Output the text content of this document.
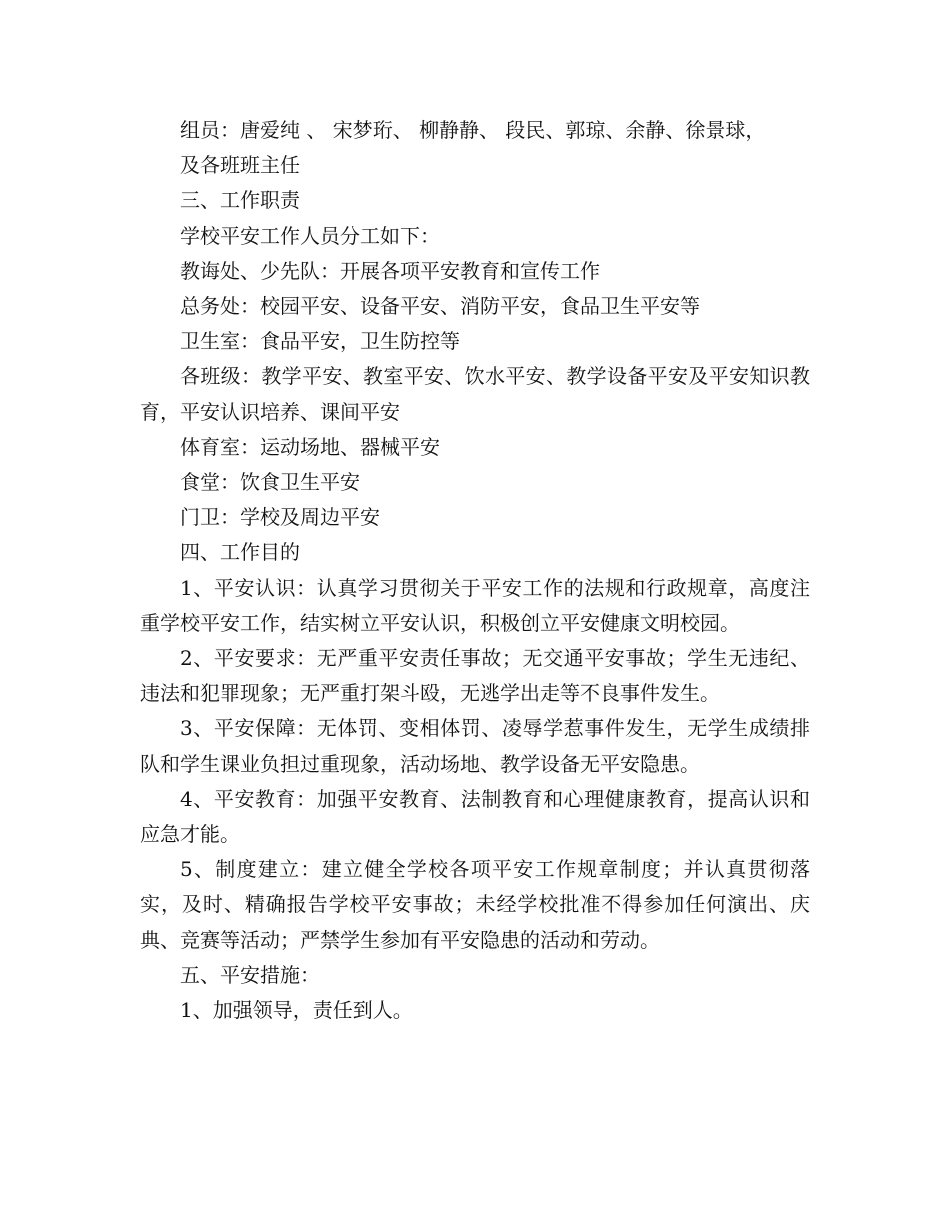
组员：唐爱纯 、 宋梦珩、 柳静静、 段民、郭琼、余静、徐景球，

及各班班主任

三、工作职责

学校平安工作人员分工如下：

教诲处、少先队：开展各项平安教育和宣传工作

总务处：校园平安、设备平安、消防平安，食品卫生平安等

卫生室：食品平安，卫生防控等

各班级：教学平安、教室平安、饮水平安、教学设备平安及平安知识教育，平安认识培养、课间平安

体育室：运动场地、器械平安

食堂：饮食卫生平安

门卫：学校及周边平安

四、工作目的

1、平安认识：认真学习贯彻关于平安工作的法规和行政规章，高度注重学校平安工作，结实树立平安认识，积极创立平安健康文明校园。

2、平安要求：无严重平安责任事故；无交通平安事故；学生无违纪、违法和犯罪现象；无严重打架斗殴，无逃学出走等不良事件发生。

3、平安保障：无体罚、变相体罚、凌辱学惹事件发生，无学生成绩排队和学生课业负担过重现象，活动场地、教学设备无平安隐患。

4、平安教育：加强平安教育、法制教育和心理健康教育，提高认识和应急才能。

5、制度建立：建立健全学校各项平安工作规章制度；并认真贯彻落实，及时、精确报告学校平安事故；未经学校批准不得参加任何演出、庆典、竞赛等活动；严禁学生参加有平安隐患的活动和劳动。

五、平安措施：

1、加强领导，责任到人。
